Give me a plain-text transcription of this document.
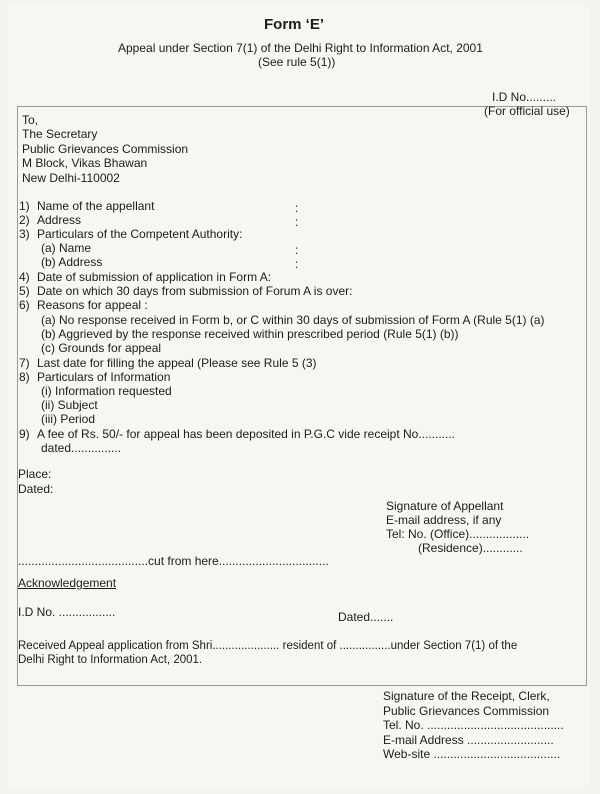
Form ‘E’
Appeal under Section 7(1) of the Delhi Right to Information Act, 2001
(See rule 5(1))
I.D No.........
(For official use)
To,
The Secretary
Public Grievances Commission
M Block, Vikas Bhawan
New Delhi-110002
1) Name of the appellant
2) Address
3) Particulars of the Competent Authority:
(a) Name
(b) Address
4) Date of submission of application in Form A:
5) Date on which 30 days from submission of Forum A is over:
6) Reasons for appeal :
(a) No response received in Form b, or C within 30 days of submission of Form A (Rule 5(1) (a)
(b) Aggrieved by the response received within prescribed period (Rule 5(1) (b))
(c) Grounds for appeal
7) Last date for filling the appeal (Please see Rule 5 (3)
8) Particulars of Information
(i) Information requested
(ii) Subject
(iii) Period
9) A fee of Rs. 50/- for appeal has been deposited in P.G.C vide receipt No...........
dated...............
:
:
:
:
Place:
Dated:
Signature of Appellant
E-mail address, if any
Tel: No. (Office)..................
(Residence)............
.......................................cut from here.................................
Acknowledgement
I.D No. .................	Dated.......
Received Appeal application from Shri..................... resident of ................under Section 7(1) of the
Delhi Right to Information Act, 2001.
Signature of the Receipt, Clerk,
Public Grievances Commission
Tel. No. .........................................
E-mail Address ..........................
Web-site ......................................
